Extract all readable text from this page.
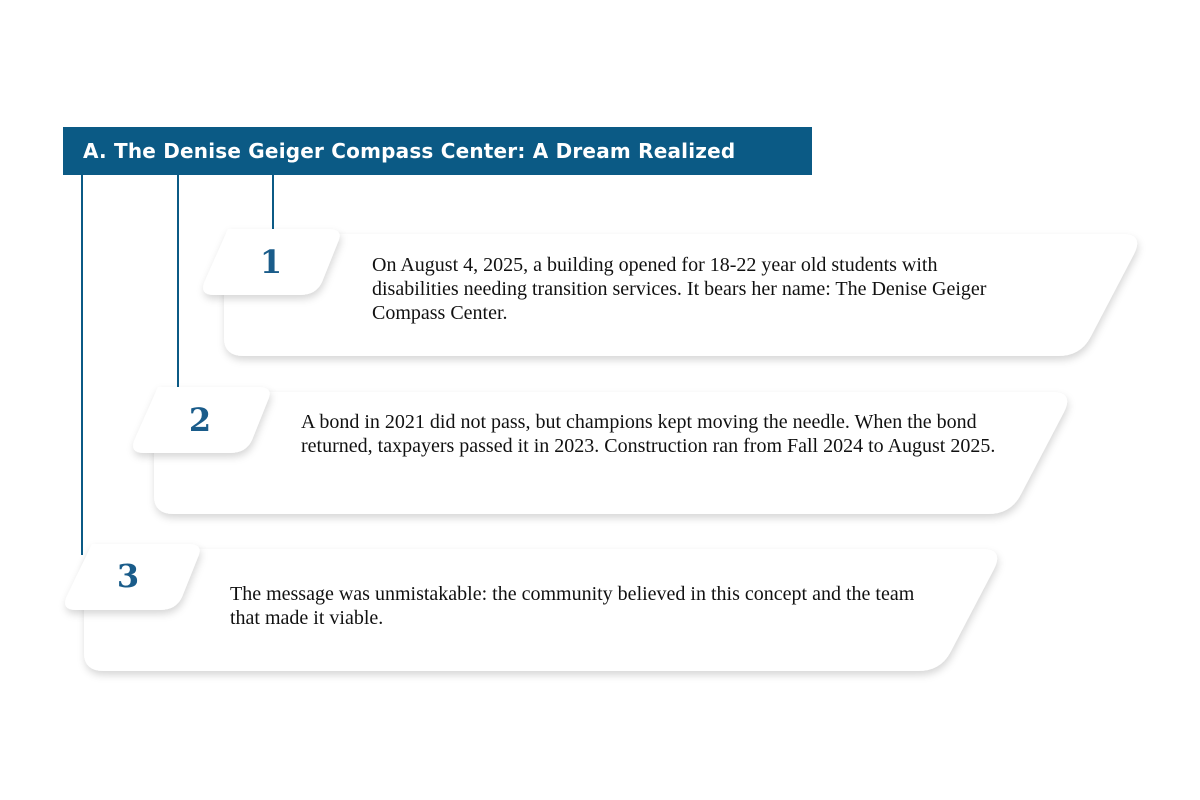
A. The Denise Geiger Compass Center: A Dream Realized
1	On August 4, 2025, a building opened for 18-22 year old students with disabilities needing transition services. It bears her name: The Denise Geiger Compass Center.
2	A bond in 2021 did not pass, but champions kept moving the needle. When the bond returned, taxpayers passed it in 2023. Construction ran from Fall 2024 to August 2025.
3	The message was unmistakable: the community believed in this concept and the team that made it viable.
